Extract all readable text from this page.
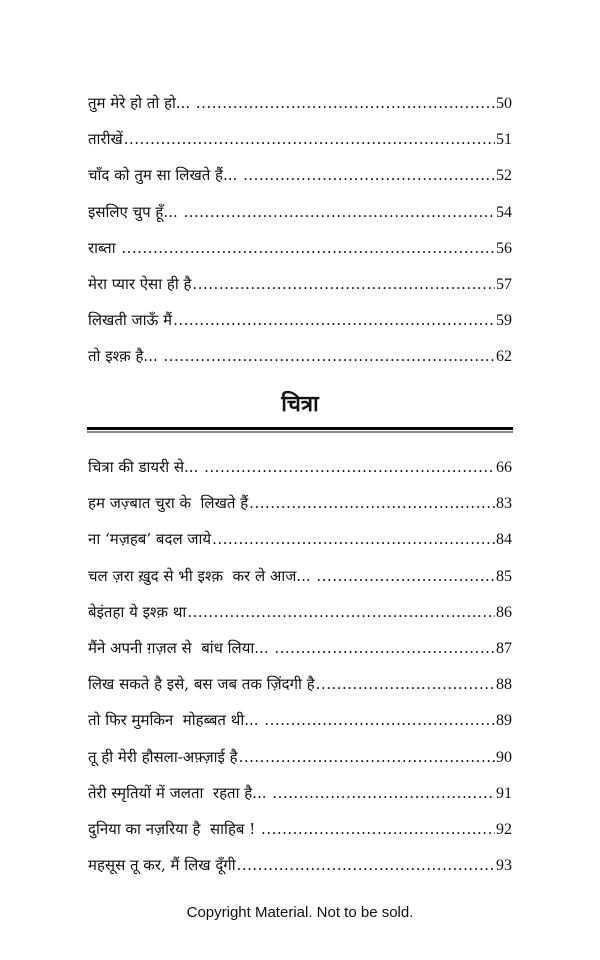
तुम मेरे हो तो हो... .....	50
तारीखें .....	51
चाँद को तुम सा लिखते हैं... .....	52
इसलिए चुप हूँ... .....	54
राब्ता .....	56
मेरा प्यार ऐसा ही है .....	57
लिखती जाऊँ मैं .....	59
तो इश्क़ है... .....	62
चित्रा
चित्रा की डायरी से... .....	66
हम जज़्बात चुरा के  लिखते हैं .....	83
ना ‘मज़हब’ बदल जाये .....	84
चल ज़रा ख़ुद से भी इश्क़  कर ले आज... .....	85
बेइंतहा ये इश्क़ था .....	86
मैंने अपनी ग़ज़ल से  बांध लिया... .....	87
लिख सकते है इसे, बस जब तक ज़िंदगी है .....	88
तो फिर मुमकिन  मोहब्बत थी... .....	89
तू ही मेरी हौसला-अफ़्ज़ाई है .....	90
तेरी स्मृतियों में जलता  रहता है... .....	91
दुनिया का नज़रिया है  साहिब ! .....	92
महसूस तू कर, मैं लिख दूँगी .....	93
Copyright Material. Not to be sold.
